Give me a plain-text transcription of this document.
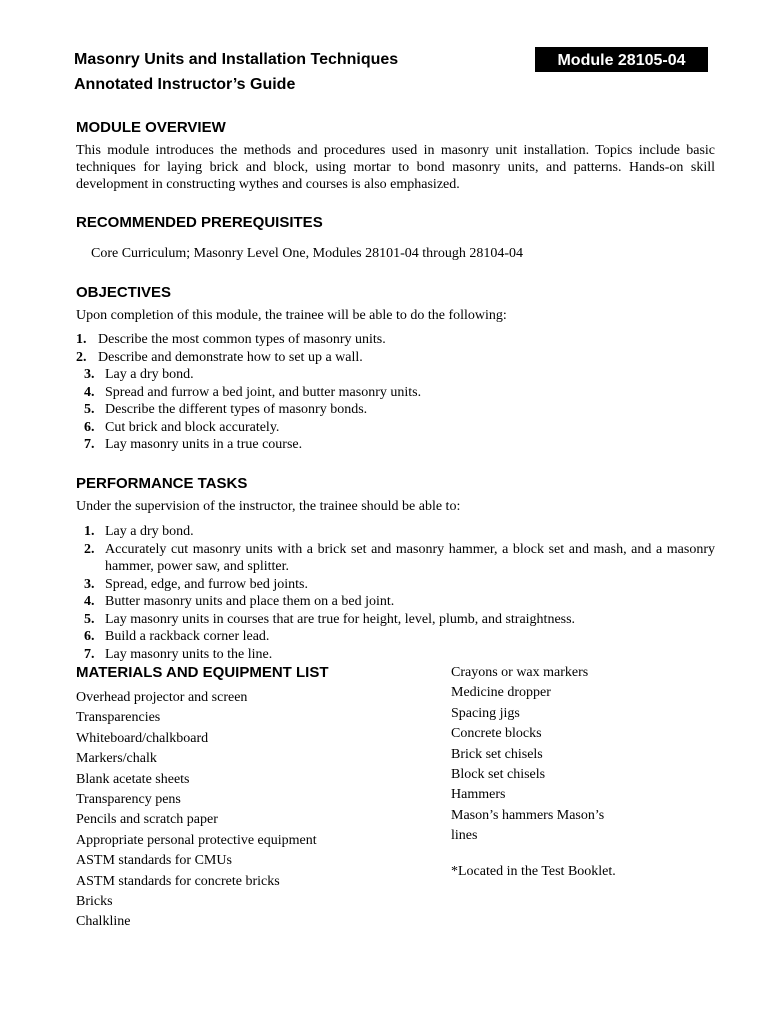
Masonry Units and Installation Techniques
Annotated Instructor’s Guide
Module 28105-04
MODULE OVERVIEW
This module introduces the methods and procedures used in masonry unit installation. Topics include basic techniques for laying brick and block, using mortar to bond masonry units, and patterns. Hands-on skill development in constructing wythes and courses is also emphasized.
RECOMMENDED PREREQUISITES
Core Curriculum; Masonry Level One, Modules 28101-04 through 28104-04
OBJECTIVES
Upon completion of this module, the trainee will be able to do the following:
1. Describe the most common types of masonry units.
2. Describe and demonstrate how to set up a wall.
3. Lay a dry bond.
4. Spread and furrow a bed joint, and butter masonry units.
5. Describe the different types of masonry bonds.
6. Cut brick and block accurately.
7. Lay masonry units in a true course.
PERFORMANCE TASKS
Under the supervision of the instructor, the trainee should be able to:
1. Lay a dry bond.
2. Accurately cut masonry units with a brick set and masonry hammer, a block set and mash, and a masonry hammer, power saw, and splitter.
3. Spread, edge, and furrow bed joints.
4. Butter masonry units and place them on a bed joint.
5. Lay masonry units in courses that are true for height, level, plumb, and straightness.
6. Build a rackback corner lead.
7. Lay masonry units to the line.
MATERIALS AND EQUIPMENT LIST
Overhead projector and screen
Transparencies
Whiteboard/chalkboard
Markers/chalk
Blank acetate sheets
Transparency pens
Pencils and scratch paper
Appropriate personal protective equipment
ASTM standards for CMUs
ASTM standards for concrete bricks
Bricks
Chalkline
Crayons or wax markers
Medicine dropper
Spacing jigs
Concrete blocks
Brick set chisels
Block set chisels
Hammers
Mason’s hammers Mason’s
lines
*Located in the Test Booklet.
